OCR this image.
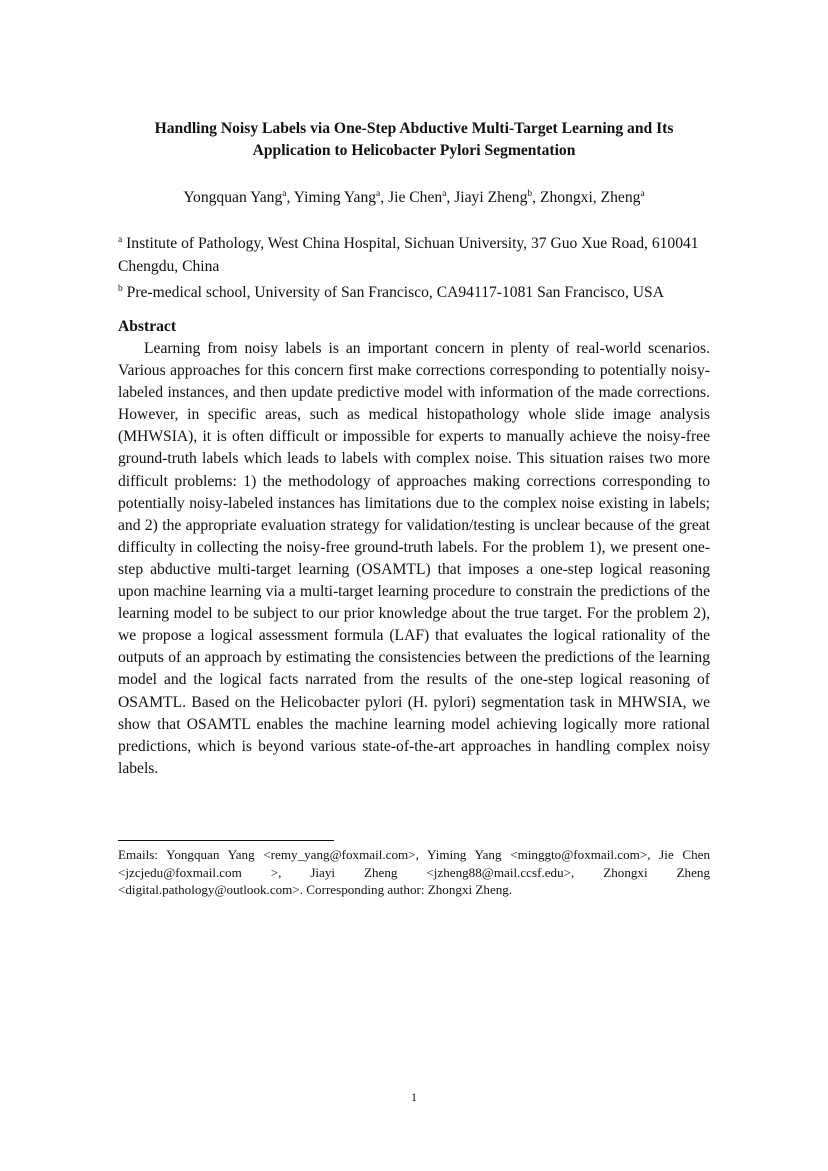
Handling Noisy Labels via One-Step Abductive Multi-Target Learning and Its
Application to Helicobacter Pylori Segmentation
Yongquan Yang$^a$, Yiming Yang$^a$, Jie Chen$^a$, Jiayi Zheng$^b$, Zhongxi, Zheng$^a$

$^a$ Institute of Pathology, West China Hospital, Sichuan University, 37 Guo Xue Road, 610041 Chengdu, China

$^b$ Pre-medical school, University of San Francisco, CA94117-1081 San Francisco, USA

Abstract

Learning from noisy labels is an important concern in plenty of real-world scenarios. Various approaches for this concern first make corrections corresponding to potentially noisy-labeled instances, and then update predictive model with information of the made corrections. However, in specific areas, such as medical histopathology whole slide image analysis (MHWSIA), it is often difficult or impossible for experts to manually achieve the noisy-free ground-truth labels which leads to labels with complex noise. This situation raises two more difficult problems: 1) the methodology of approaches making corrections corresponding to potentially noisy-labeled instances has limitations due to the complex noise existing in labels; and 2) the appropriate evaluation strategy for validation/testing is unclear because of the great difficulty in collecting the noisy-free ground-truth labels. For the problem 1), we present one-step abductive multi-target learning (OSAMTL) that imposes a one-step logical reasoning upon machine learning via a multi-target learning procedure to constrain the predictions of the learning model to be subject to our prior knowledge about the true target. For the problem 2), we propose a logical assessment formula (LAF) that evaluates the logical rationality of the outputs of an approach by estimating the consistencies between the predictions of the learning model and the logical facts narrated from the results of the one-step logical reasoning of OSAMTL. Based on the Helicobacter pylori (H. pylori) segmentation task in MHWSIA, we show that OSAMTL enables the machine learning model achieving logically more rational predictions, which is beyond various state-of-the-art approaches in handling complex noisy labels.

Emails: Yongquan Yang <remy_yang@foxmail.com>, Yiming Yang <minggto@foxmail.com>, Jie Chen <jzcjedu@foxmail.com >, Jiayi Zheng <jzheng88@mail.ccsf.edu>, Zhongxi Zheng <digital.pathology@outlook.com>. Corresponding author: Zhongxi Zheng.

1
